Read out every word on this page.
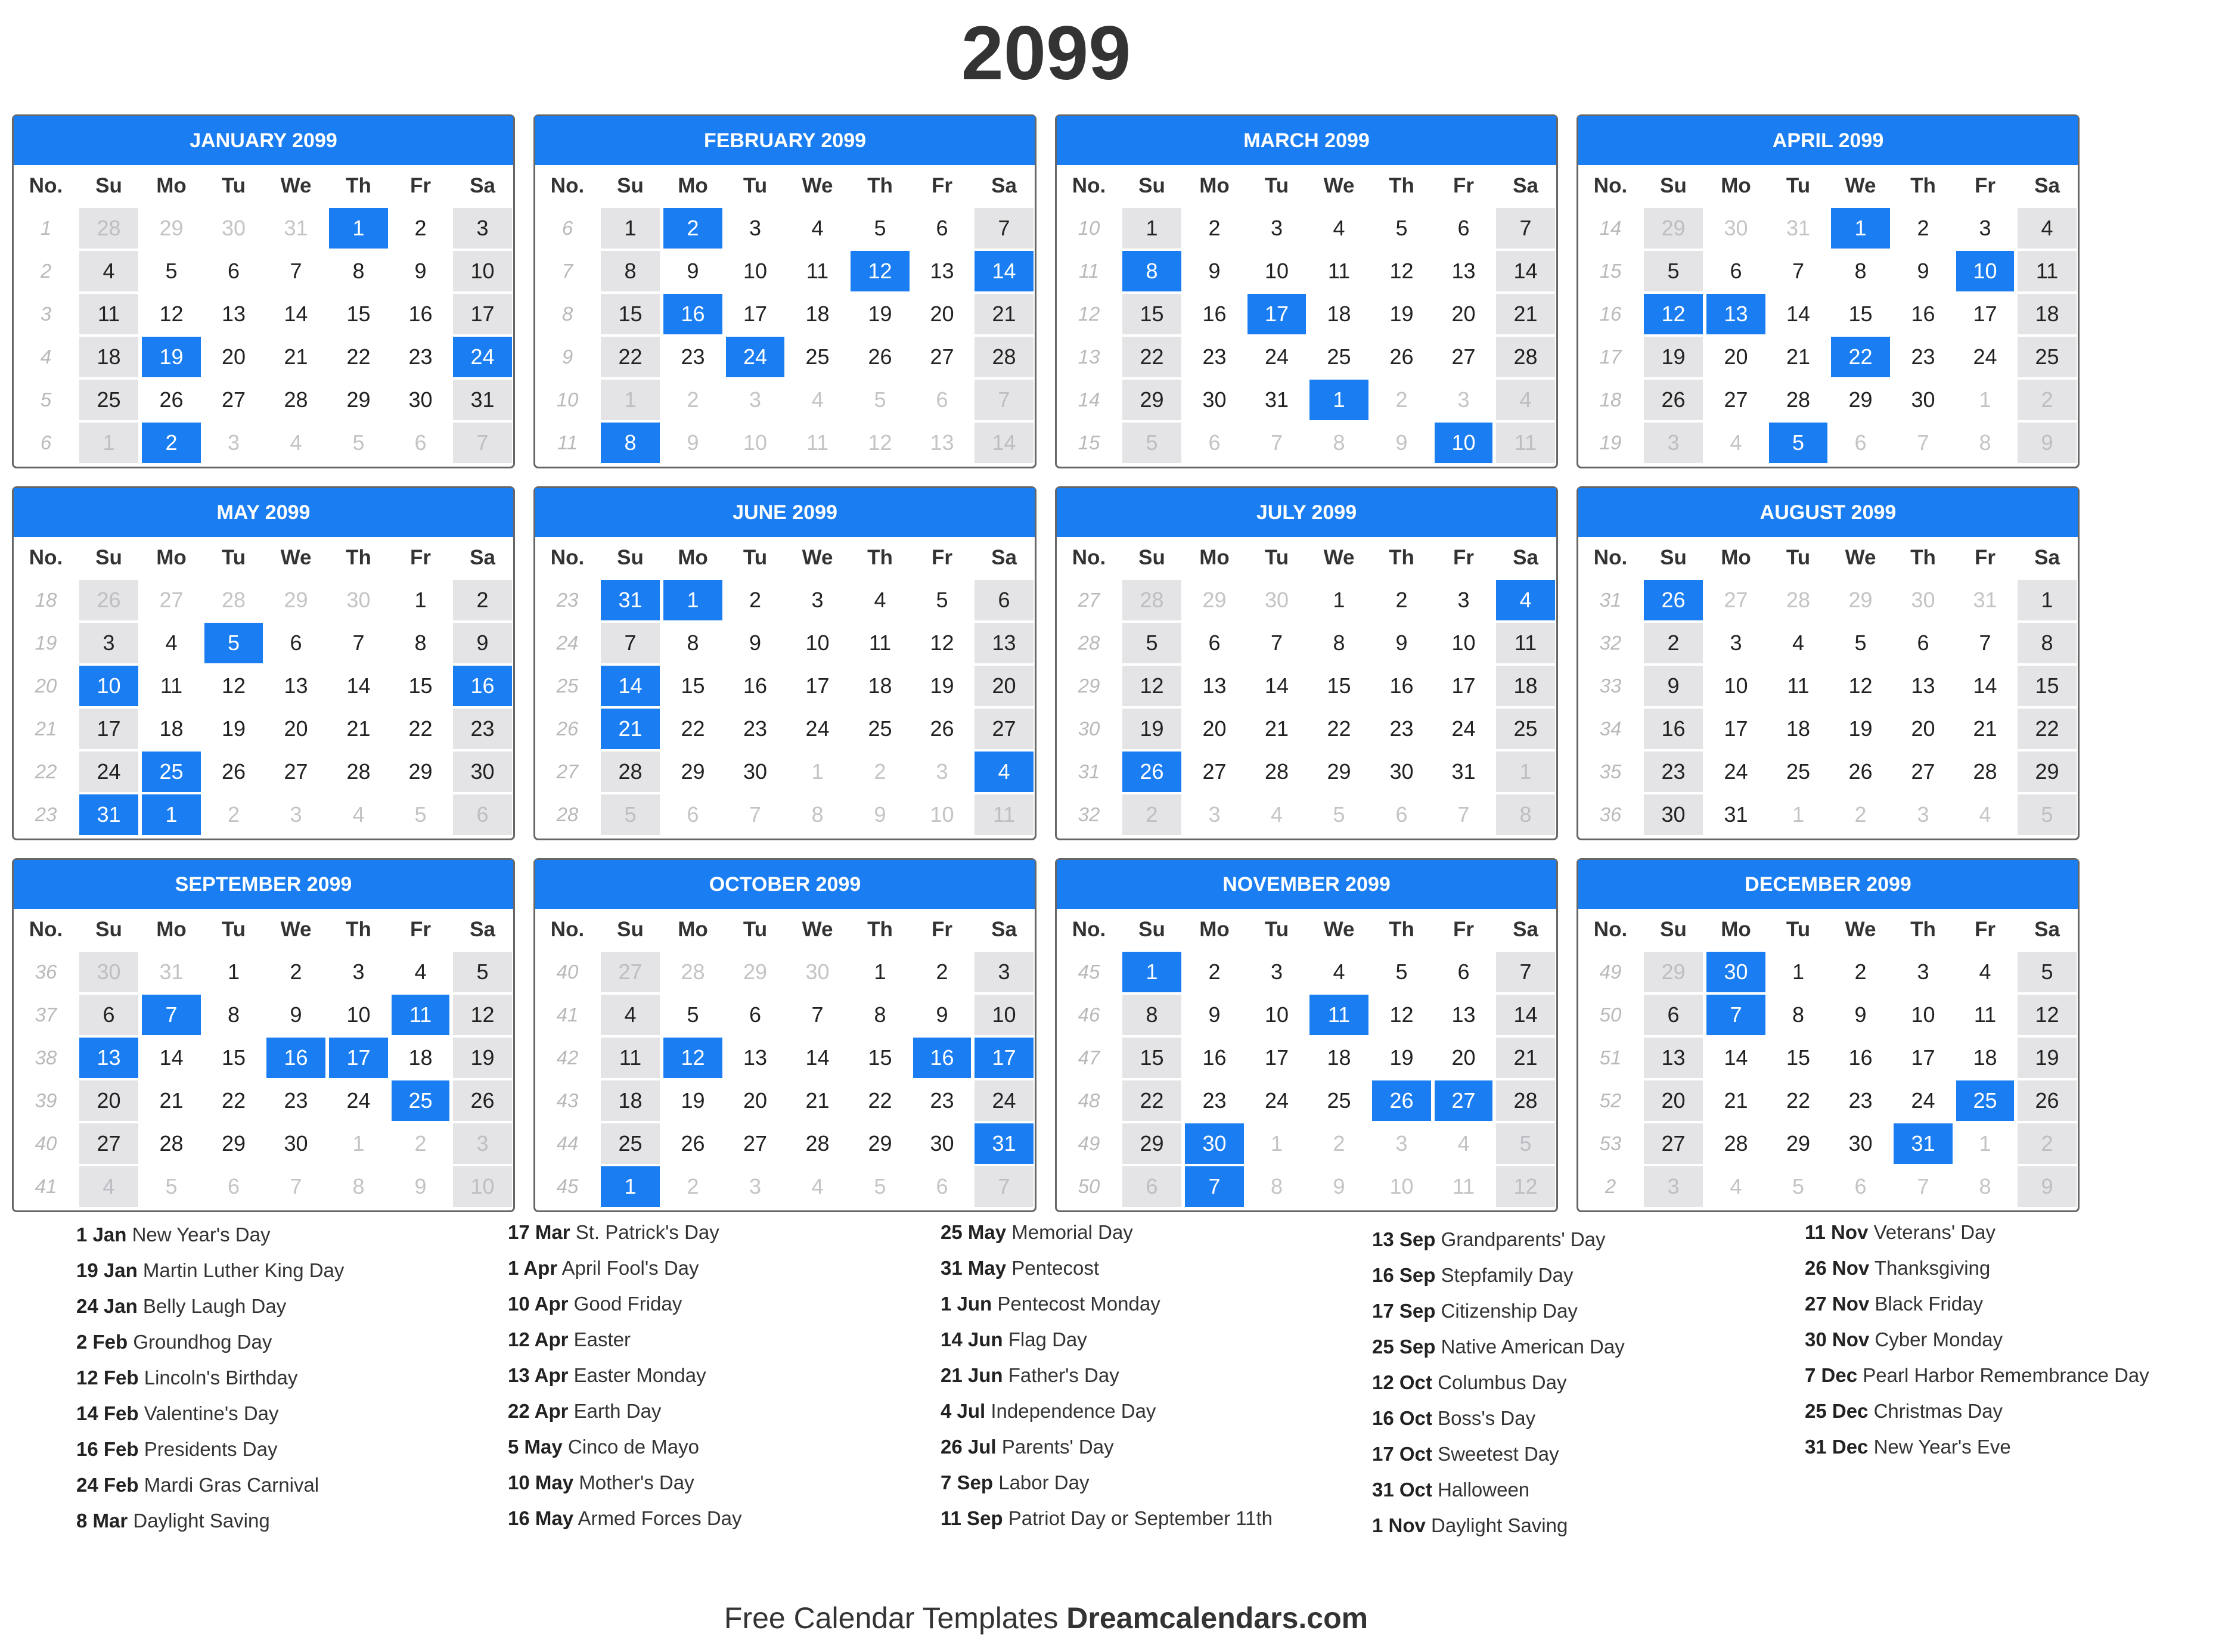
2099
JANUARY 2099
No.	Su	Mo	Tu	We	Th	Fr	Sa
1	28	29	30	31	1	2	3
2	4	5	6	7	8	9	10
3	11	12	13	14	15	16	17
4	18	19	20	21	22	23	24
5	25	26	27	28	29	30	31
6	1	2	3	4	5	6	7
FEBRUARY 2099
No.	Su	Mo	Tu	We	Th	Fr	Sa
6	1	2	3	4	5	6	7
7	8	9	10	11	12	13	14
8	15	16	17	18	19	20	21
9	22	23	24	25	26	27	28
10	1	2	3	4	5	6	7
11	8	9	10	11	12	13	14
MARCH 2099
No.	Su	Mo	Tu	We	Th	Fr	Sa
10	1	2	3	4	5	6	7
11	8	9	10	11	12	13	14
12	15	16	17	18	19	20	21
13	22	23	24	25	26	27	28
14	29	30	31	1	2	3	4
15	5	6	7	8	9	10	11
APRIL 2099
No.	Su	Mo	Tu	We	Th	Fr	Sa
14	29	30	31	1	2	3	4
15	5	6	7	8	9	10	11
16	12	13	14	15	16	17	18
17	19	20	21	22	23	24	25
18	26	27	28	29	30	1	2
19	3	4	5	6	7	8	9
MAY 2099
No.	Su	Mo	Tu	We	Th	Fr	Sa
18	26	27	28	29	30	1	2
19	3	4	5	6	7	8	9
20	10	11	12	13	14	15	16
21	17	18	19	20	21	22	23
22	24	25	26	27	28	29	30
23	31	1	2	3	4	5	6
JUNE 2099
No.	Su	Mo	Tu	We	Th	Fr	Sa
23	31	1	2	3	4	5	6
24	7	8	9	10	11	12	13
25	14	15	16	17	18	19	20
26	21	22	23	24	25	26	27
27	28	29	30	1	2	3	4
28	5	6	7	8	9	10	11
JULY 2099
No.	Su	Mo	Tu	We	Th	Fr	Sa
27	28	29	30	1	2	3	4
28	5	6	7	8	9	10	11
29	12	13	14	15	16	17	18
30	19	20	21	22	23	24	25
31	26	27	28	29	30	31	1
32	2	3	4	5	6	7	8
AUGUST 2099
No.	Su	Mo	Tu	We	Th	Fr	Sa
31	26	27	28	29	30	31	1
32	2	3	4	5	6	7	8
33	9	10	11	12	13	14	15
34	16	17	18	19	20	21	22
35	23	24	25	26	27	28	29
36	30	31	1	2	3	4	5
SEPTEMBER 2099
No.	Su	Mo	Tu	We	Th	Fr	Sa
36	30	31	1	2	3	4	5
37	6	7	8	9	10	11	12
38	13	14	15	16	17	18	19
39	20	21	22	23	24	25	26
40	27	28	29	30	1	2	3
41	4	5	6	7	8	9	10
OCTOBER 2099
No.	Su	Mo	Tu	We	Th	Fr	Sa
40	27	28	29	30	1	2	3
41	4	5	6	7	8	9	10
42	11	12	13	14	15	16	17
43	18	19	20	21	22	23	24
44	25	26	27	28	29	30	31
45	1	2	3	4	5	6	7
NOVEMBER 2099
No.	Su	Mo	Tu	We	Th	Fr	Sa
45	1	2	3	4	5	6	7
46	8	9	10	11	12	13	14
47	15	16	17	18	19	20	21
48	22	23	24	25	26	27	28
49	29	30	1	2	3	4	5
50	6	7	8	9	10	11	12
DECEMBER 2099
No.	Su	Mo	Tu	We	Th	Fr	Sa
49	29	30	1	2	3	4	5
50	6	7	8	9	10	11	12
51	13	14	15	16	17	18	19
52	20	21	22	23	24	25	26
53	27	28	29	30	31	1	2
2	3	4	5	6	7	8	9
1 Jan New Year's Day
19 Jan Martin Luther King Day
24 Jan Belly Laugh Day
2 Feb Groundhog Day
12 Feb Lincoln's Birthday
14 Feb Valentine's Day
16 Feb Presidents Day
24 Feb Mardi Gras Carnival
8 Mar Daylight Saving
17 Mar St. Patrick's Day
1 Apr April Fool's Day
10 Apr Good Friday
12 Apr Easter
13 Apr Easter Monday
22 Apr Earth Day
5 May Cinco de Mayo
10 May Mother's Day
16 May Armed Forces Day
25 May Memorial Day
31 May Pentecost
1 Jun Pentecost Monday
14 Jun Flag Day
21 Jun Father's Day
4 Jul Independence Day
26 Jul Parents' Day
7 Sep Labor Day
11 Sep Patriot Day or September 11th
13 Sep Grandparents' Day
16 Sep Stepfamily Day
17 Sep Citizenship Day
25 Sep Native American Day
12 Oct Columbus Day
16 Oct Boss's Day
17 Oct Sweetest Day
31 Oct Halloween
1 Nov Daylight Saving
11 Nov Veterans' Day
26 Nov Thanksgiving
27 Nov Black Friday
30 Nov Cyber Monday
7 Dec Pearl Harbor Remembrance Day
25 Dec Christmas Day
31 Dec New Year's Eve
Free Calendar Templates Dreamcalendars.com
